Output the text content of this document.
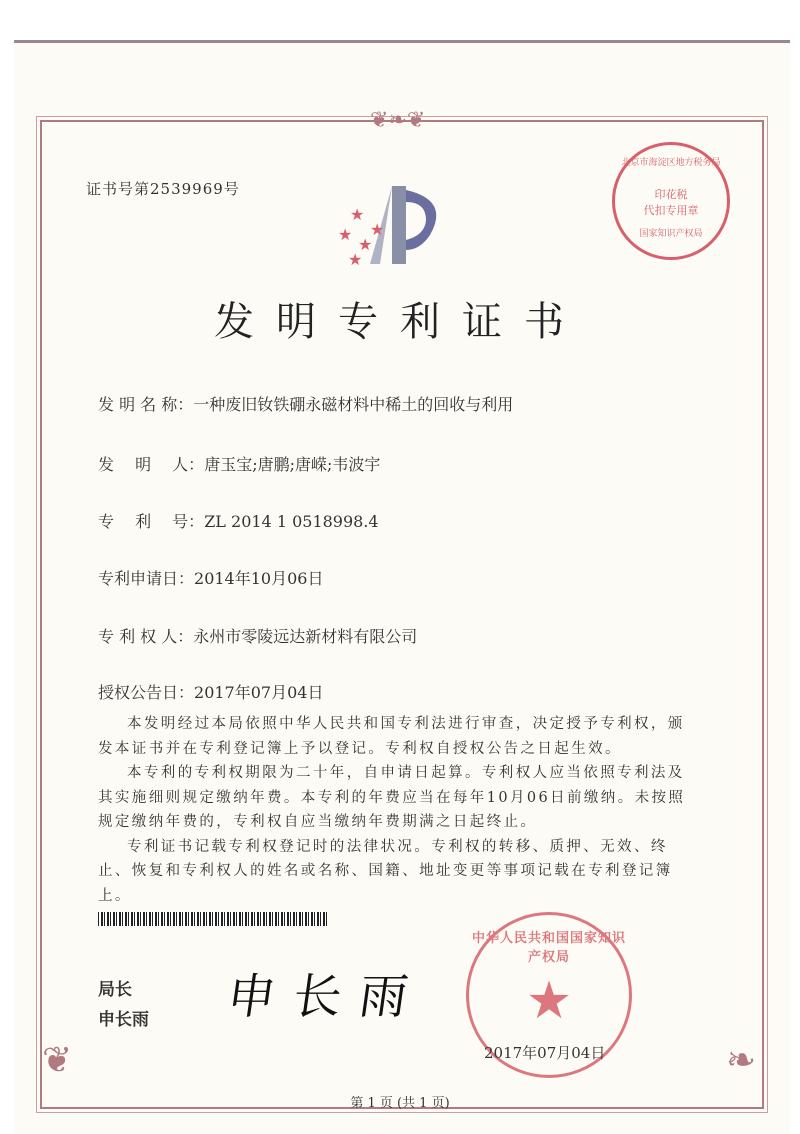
❦❧❦
❦	❧
证书号第2539969号
★
★
★
★
★
北京市海淀区地方税务局
印花税
代扣专用章
国家知识产权局
发明专利证书
发 明 名 称：一种废旧钕铁硼永磁材料中稀土的回收与利用
发　 明　 人：唐玉宝;唐鹏;唐嵘;韦波宇
专　 利　 号：ZL 2014 1 0518998.4
专利申请日：2014年10月06日
专 利 权 人：永州市零陵远达新材料有限公司
授权公告日：2017年07月04日

本发明经过本局依照中华人民共和国专利法进行审查，决定授予专利权，颁发本证书并在专利登记簿上予以登记。专利权自授权公告之日起生效。

本专利的专利权期限为二十年，自申请日起算。专利权人应当依照专利法及其实施细则规定缴纳年费。本专利的年费应当在每年10月06日前缴纳。未按照规定缴纳年费的，专利权自应当缴纳年费期满之日起终止。

专利证书记载专利权登记时的法律状况。专利权的转移、质押、无效、终止、恢复和专利权人的姓名或名称、国籍、地址变更等事项记载在专利登记簿上。

局长
申长雨 申长雨
中华人民共和国国家知识产权局
★
2017年07月04日
第 1 页 (共 1 页)
